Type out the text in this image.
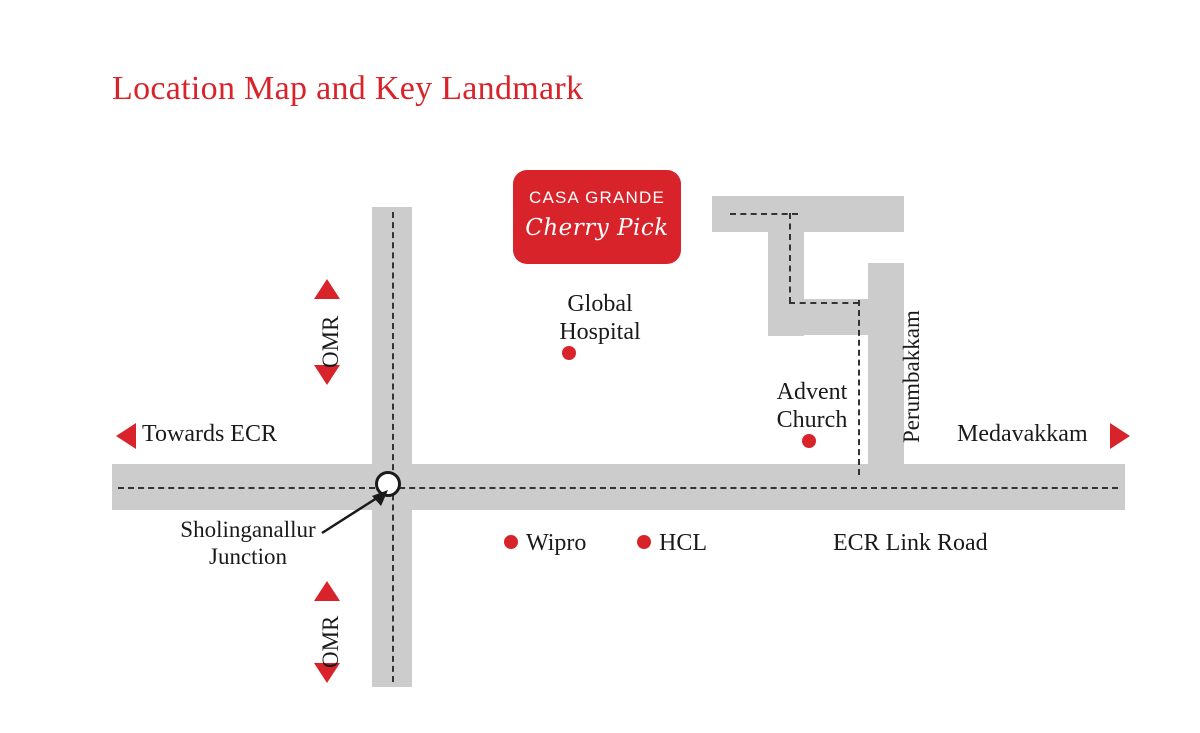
Location Map and Key Landmark
CASA GRANDE
Cherry Pick
OMR
OMR
Towards ECR	Medavakkam
Perumbakkam
Global
Hospital
Advent
Church
Wipro	HCL	ECR Link Road
Sholinganallur
Junction
